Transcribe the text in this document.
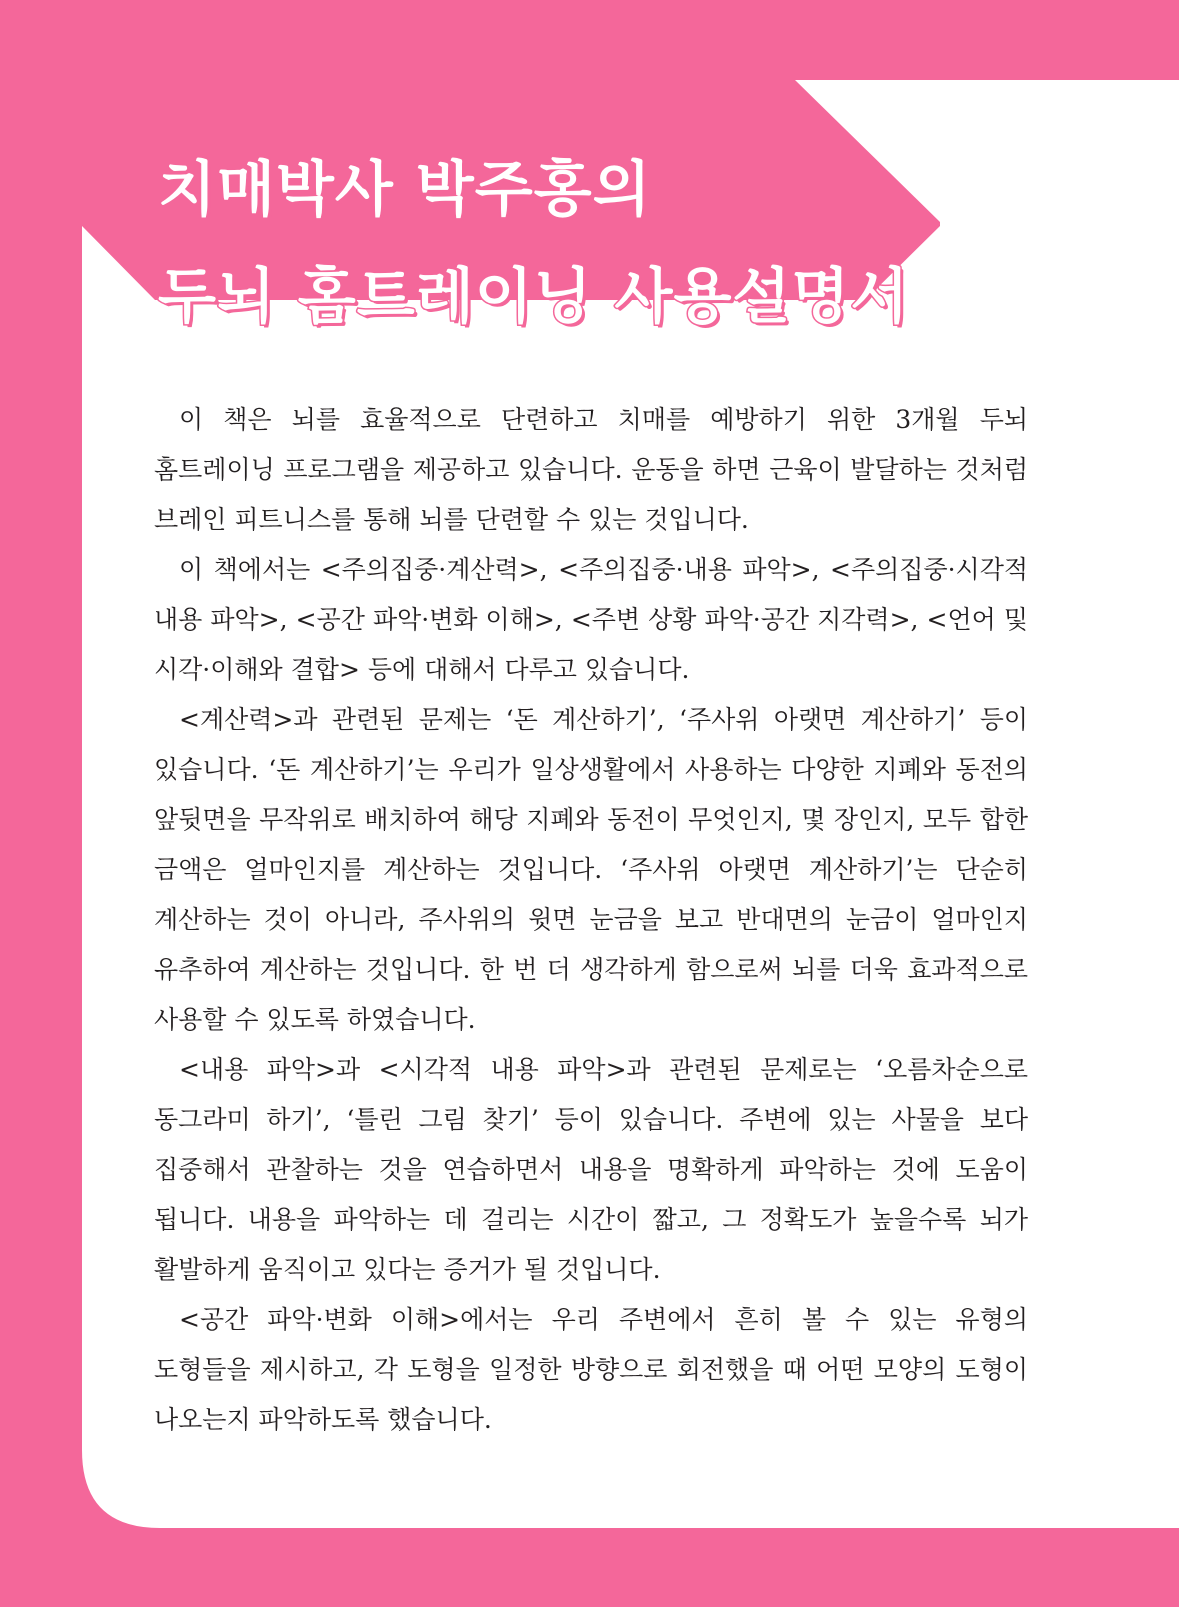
치매박사 박주홍의
두뇌 홈트레이닝 사용설명서

이 책은 뇌를 효율적으로 단련하고 치매를 예방하기 위한 3개월 두뇌 홈트레이닝 프로그램을 제공하고 있습니다. 운동을 하면 근육이 발달하는 것처럼 브레인 피트니스를 통해 뇌를 단련할 수 있는 것입니다.

이 책에서는 <주의집중·계산력>, <주의집중·내용 파악>, <주의집중·시각적 내용 파악>, <공간 파악·변화 이해>, <주변 상황 파악·공간 지각력>, <언어 및 시각·이해와 결합> 등에 대해서 다루고 있습니다.

<계산력>과 관련된 문제는 ‘돈 계산하기’, ‘주사위 아랫면 계산하기’ 등이 있습니다. ‘돈 계산하기’는 우리가 일상생활에서 사용하는 다양한 지폐와 동전의 앞뒷면을 무작위로 배치하여 해당 지폐와 동전이 무엇인지, 몇 장인지, 모두 합한 금액은 얼마인지를 계산하는 것입니다. ‘주사위 아랫면 계산하기’는 단순히 계산하는 것이 아니라, 주사위의 윗면 눈금을 보고 반대면의 눈금이 얼마인지 유추하여 계산하는 것입니다. 한 번 더 생각하게 함으로써 뇌를 더욱 효과적으로 사용할 수 있도록 하였습니다.

<내용 파악>과 <시각적 내용 파악>과 관련된 문제로는 ‘오름차순으로 동그라미 하기’, ‘틀린 그림 찾기’ 등이 있습니다. 주변에 있는 사물을 보다 집중해서 관찰하는 것을 연습하면서 내용을 명확하게 파악하는 것에 도움이 됩니다. 내용을 파악하는 데 걸리는 시간이 짧고, 그 정확도가 높을수록 뇌가 활발하게 움직이고 있다는 증거가 될 것입니다.

<공간 파악·변화 이해>에서는 우리 주변에서 흔히 볼 수 있는 유형의 도형들을 제시하고, 각 도형을 일정한 방향으로 회전했을 때 어떤 모양의 도형이 나오는지 파악하도록 했습니다.
